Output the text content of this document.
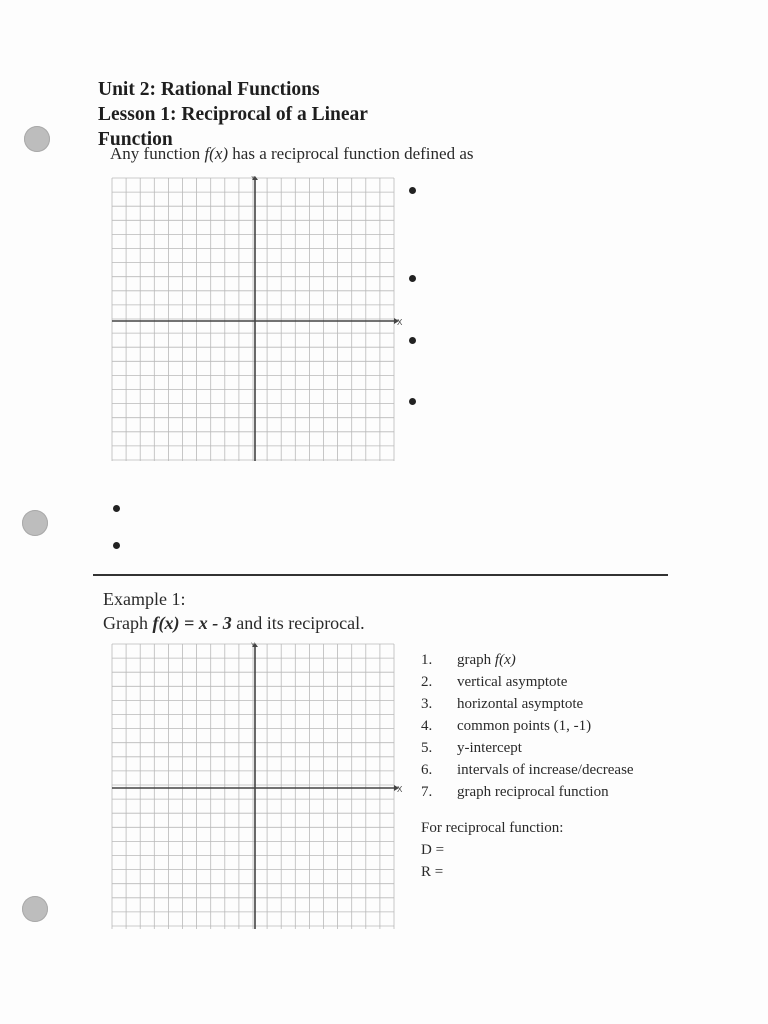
Unit 2: Rational Functions
Lesson 1: Reciprocal of a Linear
Function
Any function f(x) has a reciprocal function defined as
X
Y
Example 1:
Graph f(x) = x - 3 and its reciprocal.
X
Y
1. graph f(x)
2. vertical asymptote
3. horizontal asymptote
4. common points (1, -1)
5. y-intercept
6. intervals of increase/decrease
7. graph reciprocal function
For reciprocal function:
D =
R =
